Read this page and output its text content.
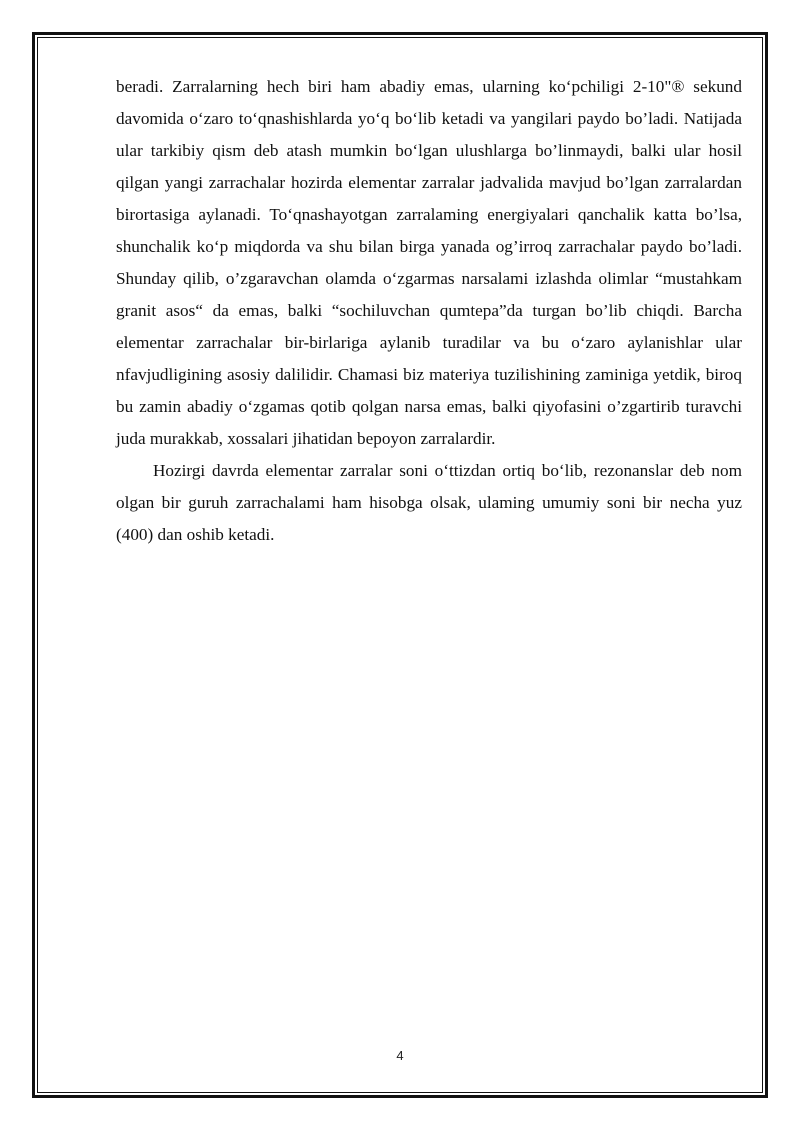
beradi. Zarralarning hech biri ham abadiy emas, ularning ko‘pchiligi 2-10"® sekund davomida o‘zaro to‘qnashishlarda yo‘q bo‘lib ketadi va yangilari paydo bo’ladi. Natijada ular tarkibiy qism deb atash mumkin bo‘lgan ulushlarga bo’linmaydi, balki ular hosil qilgan yangi zarrachalar hozirda elementar zarralar jadvalida mavjud bo’lgan zarralardan birortasiga aylanadi. To‘qnashayotgan zarralaming energiyalari qanchalik katta bo’lsa, shunchalik ko‘p miqdorda va shu bilan birga yanada og’irroq zarrachalar paydo bo’ladi. Shunday qilib, o’zgaravchan olamda o‘zgarmas narsalami izlashda olimlar “mustahkam granit asos“ da emas, balki “sochiluvchan qumtepa”da turgan bo’lib chiqdi. Barcha elementar zarrachalar bir-birlariga aylanib turadilar va bu o‘zaro aylanishlar ular nfavjudligining asosiy dalilidir. Chamasi biz materiya tuzilishining zaminiga yetdik, biroq bu zamin abadiy o‘zgamas qotib qolgan narsa emas, balki qiyofasini o’zgartirib turavchi juda murakkab, xossalari jihatidan bepoyon zarralardir.

Hozirgi davrda elementar zarralar soni o‘ttizdan ortiq bo‘lib, rezonanslar deb nom olgan bir guruh zarrachalami ham hisobga olsak, ulaming umumiy soni bir necha yuz (400) dan oshib ketadi.

4
